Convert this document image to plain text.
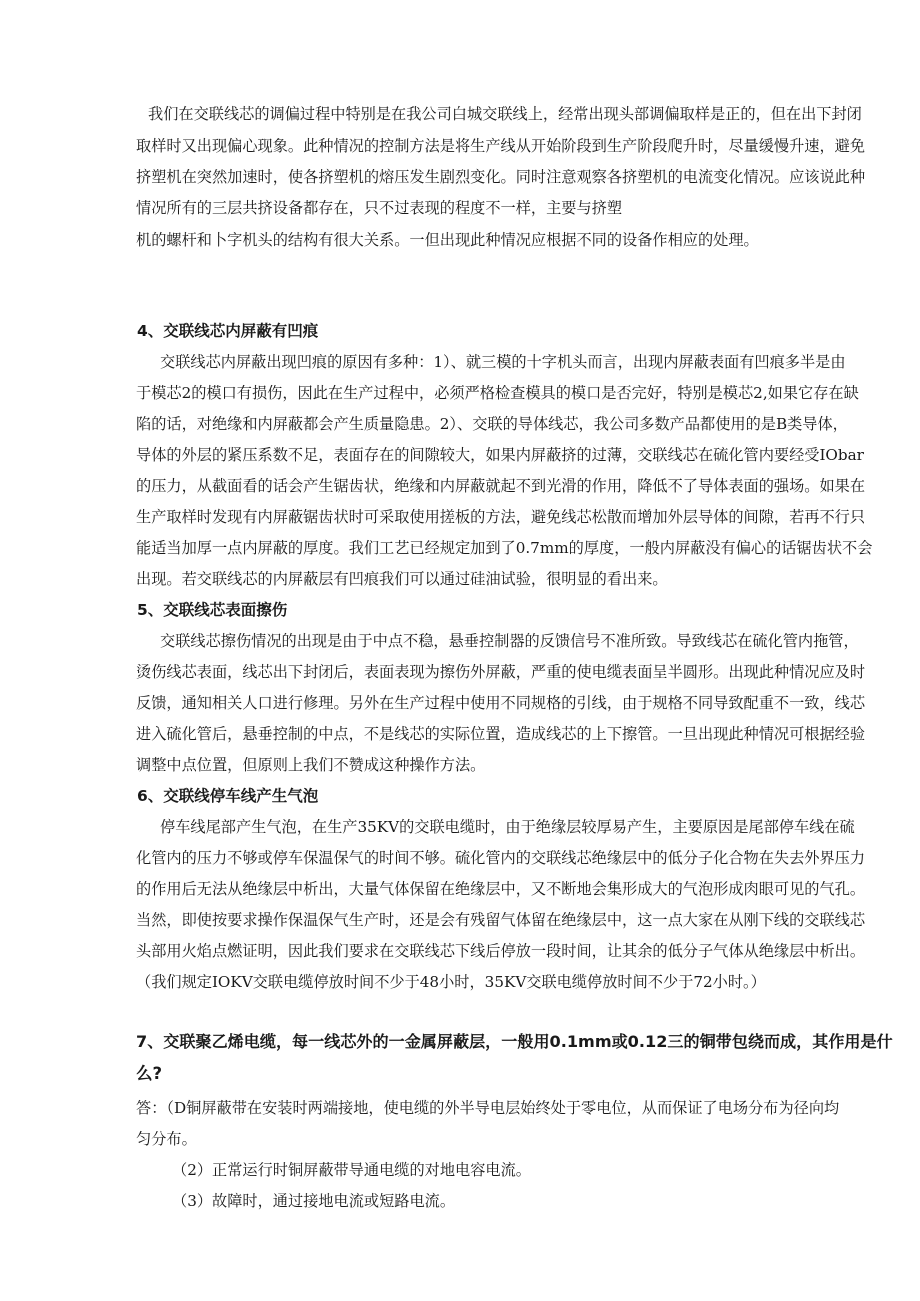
我们在交联线芯的调偏过程中特别是在我公司白城交联线上，经常出现头部调偏取样是正的，但在出下封闭
取样时又出现偏心现象。此种情况的控制方法是将生产线从开始阶段到生产阶段爬升时，尽量缓慢升速，避免
挤塑机在突然加速时，使各挤塑机的熔压发生剧烈变化。同时注意观察各挤塑机的电流变化情况。应该说此种
情况所有的三层共挤设备都存在，只不过表现的程度不一样，主要与挤塑
机的螺杆和卜字机头的结构有很大关系。一但出现此种情况应根据不同的设备作相应的处理。
4、交联线芯内屏蔽有凹痕
交联线芯内屏蔽出现凹痕的原因有多种：1）、就三模的十字机头而言，出现内屏蔽表面有凹痕多半是由
于模芯2的模口有损伤，因此在生产过程中，必须严格检查模具的模口是否完好，特别是模芯2,如果它存在缺
陷的话，对绝缘和内屏蔽都会产生质量隐患。2）、交联的导体线芯，我公司多数产品都使用的是B类导体，
导体的外层的紧压系数不足，表面存在的间隙较大，如果内屏蔽挤的过薄，交联线芯在硫化管内要经受IObar
的压力，从截面看的话会产生锯齿状，绝缘和内屏蔽就起不到光滑的作用，降低不了导体表面的强场。如果在
生产取样时发现有内屏蔽锯齿状时可采取使用搓板的方法，避免线芯松散而增加外层导体的间隙，若再不行只
能适当加厚一点内屏蔽的厚度。我们工艺已经规定加到了0.7mm的厚度，一般内屏蔽没有偏心的话锯齿状不会
出现。若交联线芯的内屏蔽层有凹痕我们可以通过硅油试验，很明显的看出来。
5、交联线芯表面擦伤
交联线芯擦伤情况的出现是由于中点不稳，悬垂控制器的反馈信号不准所致。导致线芯在硫化管内拖管，
烫伤线芯表面，线芯出下封闭后，表面表现为擦伤外屏蔽，严重的使电缆表面呈半圆形。出现此种情况应及时
反馈，通知相关人口进行修理。另外在生产过程中使用不同规格的引线，由于规格不同导致配重不一致，线芯
进入硫化管后，悬垂控制的中点，不是线芯的实际位置，造成线芯的上下擦管。一旦出现此种情况可根据经验
调整中点位置，但原则上我们不赞成这种操作方法。
6、交联线停车线产生气泡
停车线尾部产生气泡，在生产35KV的交联电缆时，由于绝缘层较厚易产生，主要原因是尾部停车线在硫
化管内的压力不够或停车保温保气的时间不够。硫化管内的交联线芯绝缘层中的低分子化合物在失去外界压力
的作用后无法从绝缘层中析出，大量气体保留在绝缘层中，又不断地会集形成大的气泡形成肉眼可见的气孔。
当然，即使按要求操作保温保气生产时，还是会有残留气体留在绝缘层中，这一点大家在从刚下线的交联线芯
头部用火焰点燃证明，因此我们要求在交联线芯下线后停放一段时间，让其余的低分子气体从绝缘层中析出。
（我们规定IOKV交联电缆停放时间不少于48小时，35KV交联电缆停放时间不少于72小时。）
7、交联聚乙烯电缆，每一线芯外的一金属屏蔽层，一般用0.1mm或0.12三的铜带包绕而成，其作用是什
么?
答：（D铜屏蔽带在安装时两端接地，使电缆的外半导电层始终处于零电位，从而保证了电场分布为径向均
匀分布。
（2）正常运行时铜屏蔽带导通电缆的对地电容电流。
（3）故障时，通过接地电流或短路电流。
